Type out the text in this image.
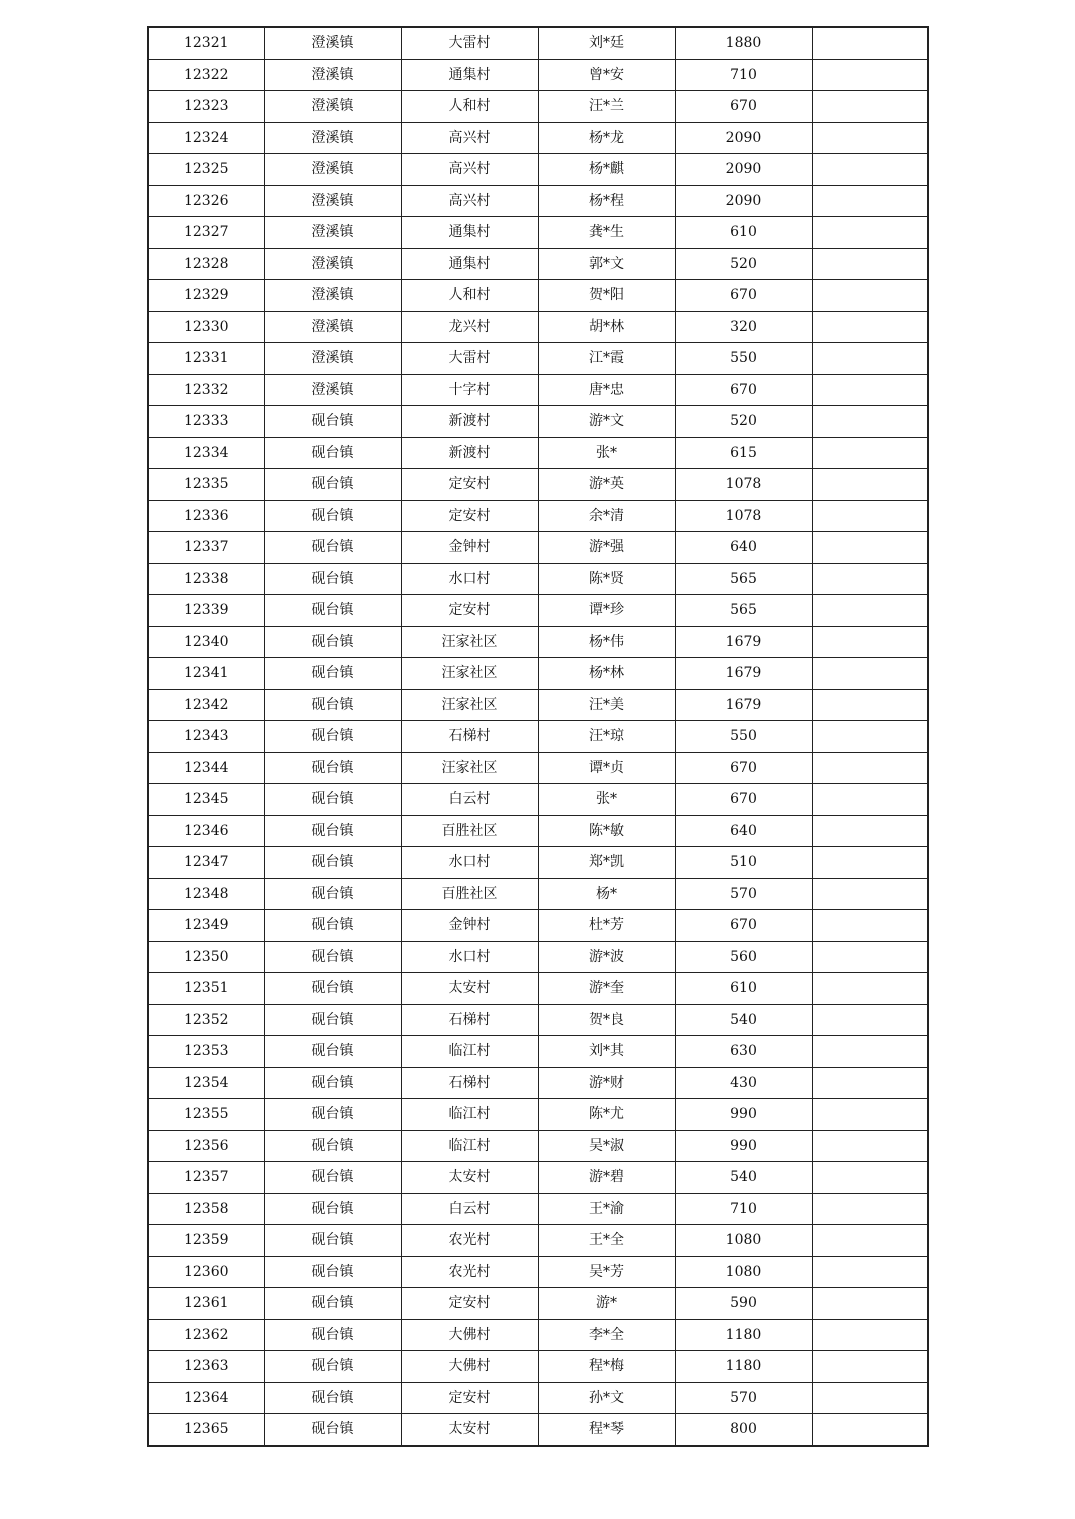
12321	澄溪镇	大雷村	刘*廷	1880	
12322	澄溪镇	通集村	曾*安	710	
12323	澄溪镇	人和村	汪*兰	670	
12324	澄溪镇	高兴村	杨*龙	2090	
12325	澄溪镇	高兴村	杨*麒	2090	
12326	澄溪镇	高兴村	杨*程	2090	
12327	澄溪镇	通集村	龚*生	610	
12328	澄溪镇	通集村	郭*文	520	
12329	澄溪镇	人和村	贺*阳	670	
12330	澄溪镇	龙兴村	胡*林	320	
12331	澄溪镇	大雷村	江*霞	550	
12332	澄溪镇	十字村	唐*忠	670	
12333	砚台镇	新渡村	游*文	520	
12334	砚台镇	新渡村	张*	615	
12335	砚台镇	定安村	游*英	1078	
12336	砚台镇	定安村	余*清	1078	
12337	砚台镇	金钟村	游*强	640	
12338	砚台镇	水口村	陈*贤	565	
12339	砚台镇	定安村	谭*珍	565	
12340	砚台镇	汪家社区	杨*伟	1679	
12341	砚台镇	汪家社区	杨*林	1679	
12342	砚台镇	汪家社区	汪*美	1679	
12343	砚台镇	石梯村	汪*琼	550	
12344	砚台镇	汪家社区	谭*贞	670	
12345	砚台镇	白云村	张*	670	
12346	砚台镇	百胜社区	陈*敏	640	
12347	砚台镇	水口村	郑*凯	510	
12348	砚台镇	百胜社区	杨*	570	
12349	砚台镇	金钟村	杜*芳	670	
12350	砚台镇	水口村	游*波	560	
12351	砚台镇	太安村	游*奎	610	
12352	砚台镇	石梯村	贺*良	540	
12353	砚台镇	临江村	刘*其	630	
12354	砚台镇	石梯村	游*财	430	
12355	砚台镇	临江村	陈*尤	990	
12356	砚台镇	临江村	吴*淑	990	
12357	砚台镇	太安村	游*碧	540	
12358	砚台镇	白云村	王*渝	710	
12359	砚台镇	农光村	王*全	1080	
12360	砚台镇	农光村	吴*芳	1080	
12361	砚台镇	定安村	游*	590	
12362	砚台镇	大佛村	李*全	1180	
12363	砚台镇	大佛村	程*梅	1180	
12364	砚台镇	定安村	孙*文	570	
12365	砚台镇	太安村	程*琴	800	
